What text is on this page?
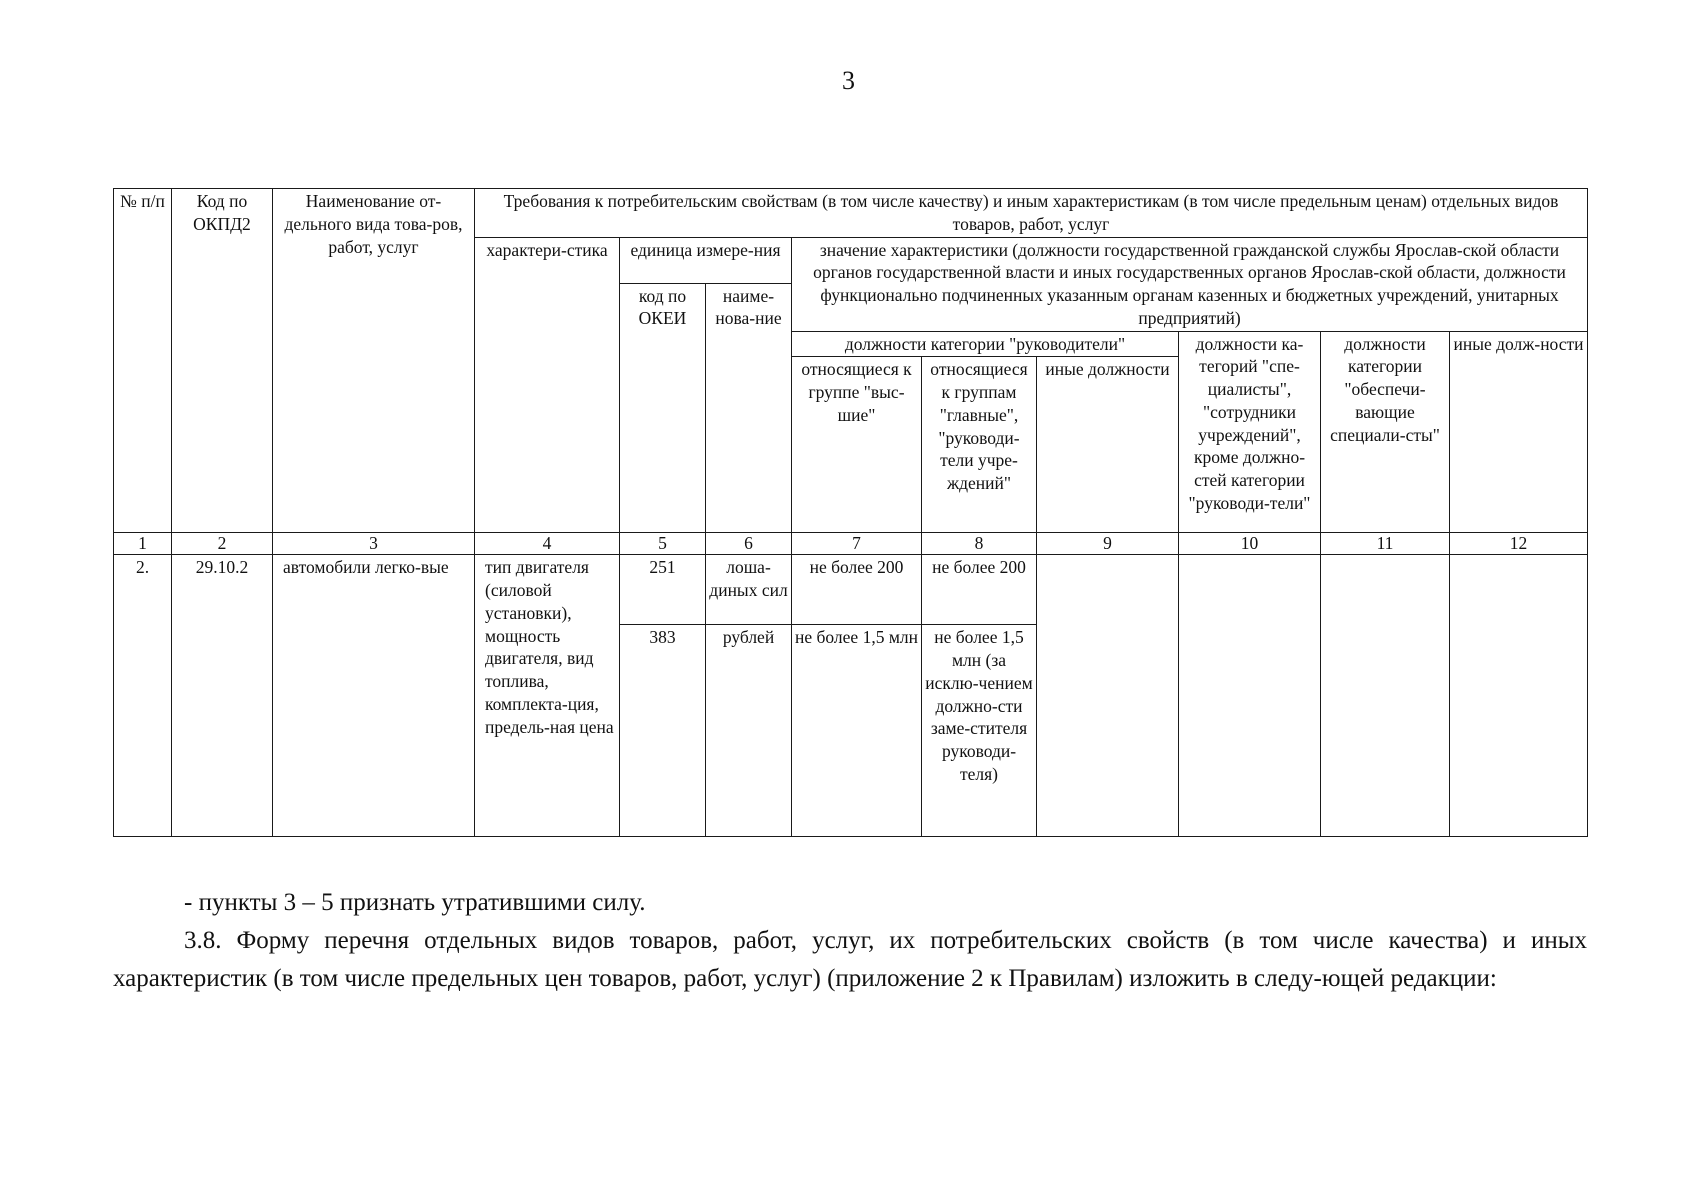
3
№ п/п	Код по ОКПД2	Наименование от-дельного вида това-ров, работ, услуг	Требования к потребительским свойствам (в том числе качеству) и иным характеристикам (в том числе предельным ценам) отдельных видов товаров, работ, услуг								
			характери-стика	единица измере-ния		значение характеристики (должности государственной гражданской службы Ярослав-ской области органов государственной власти и иных государственных органов Ярослав-ской области, должности функционально подчиненных указанным органам казенных и бюджетных учреждений, унитарных предприятий)					
				код по ОКЕИ	наиме-нова-ние						
						должности категории "руководители"			должности ка-тегорий "спе-циалисты", "сотрудники учреждений", кроме должно-стей категории "руководи-тели"	должности категории "обеспечи-вающие специали-сты"	иные долж-ности
						относящиеся к группе "выс-шие"	относящиеся к группам "главные", "руководи-тели учре-ждений"	иные должности			
1	2	3	4	5	6	7	8	9	10	11	12
2.	29.10.2	автомобили легко-вые	тип двигателя (силовой установки), мощность двигателя, вид топлива, комплекта-ция, предель-ная цена	251	лоша-диных сил	не более 200	не более 200				
				383	рублей	не более 1,5 млн	не более 1,5 млн (за исклю-чением должно-сти заме-стителя руководи-теля)				

- пункты 3 – 5 признать утратившими силу.

3.8. Форму перечня отдельных видов товаров, работ, услуг, их потребительских свойств (в том числе качества) и иных характеристик (в том числе предельных цен товаров, работ, услуг) (приложение 2 к Правилам) изложить в следу-ющей редакции:
